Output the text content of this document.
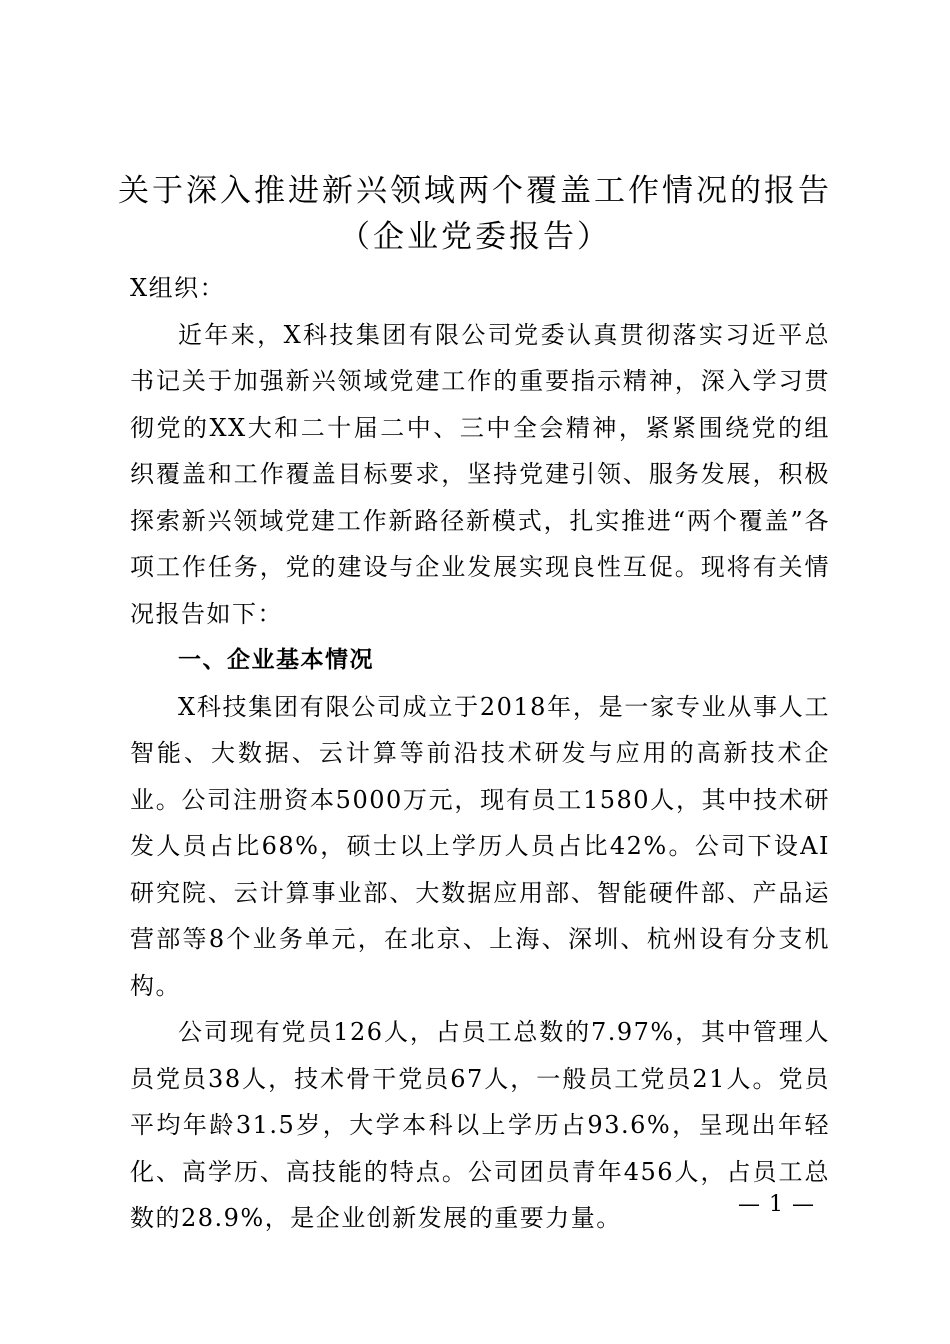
关于深入推进新兴领域两个覆盖工作情况的报告（企业党委报告）

X组织：

近年来，X科技集团有限公司党委认真贯彻落实习近平总书记关于加强新兴领域党建工作的重要指示精神，深入学习贯彻党的XX大和二十届二中、三中全会精神，紧紧围绕党的组织覆盖和工作覆盖目标要求，坚持党建引领、服务发展，积极探索新兴领域党建工作新路径新模式，扎实推进“两个覆盖”各项工作任务，党的建设与企业发展实现良性互促。现将有关情况报告如下：

一、企业基本情况

X科技集团有限公司成立于2018年，是一家专业从事人工智能、大数据、云计算等前沿技术研发与应用的高新技术企业。公司注册资本5000万元，现有员工1580人，其中技术研发人员占比68%，硕士以上学历人员占比42%。公司下设AI研究院、云计算事业部、大数据应用部、智能硬件部、产品运营部等8个业务单元，在北京、上海、深圳、杭州设有分支机构。

公司现有党员126人，占员工总数的7.97%，其中管理人员党员38人，技术骨干党员67人，一般员工党员21人。党员平均年龄31.5岁，大学本科以上学历占93.6%，呈现出年轻化、高学历、高技能的特点。公司团员青年456人，占员工总数的28.9%，是企业创新发展的重要力量。	— 1 —
